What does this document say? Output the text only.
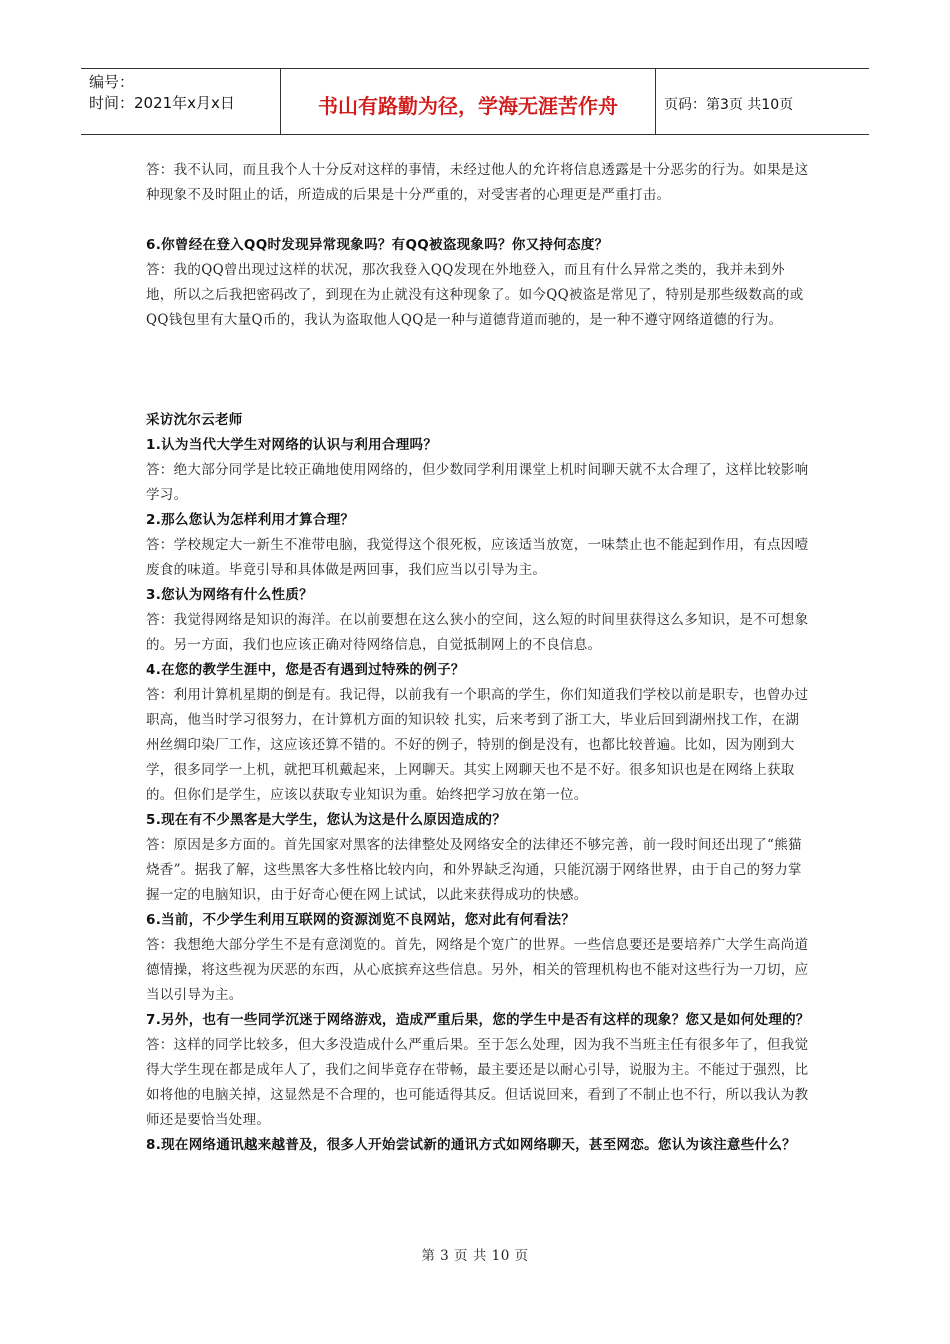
编号：
时间：2021年x月x日	书山有路勤为径，学海无涯苦作舟	页码：第3页 共10页
答：我不认同，而且我个人十分反对这样的事情，未经过他人的允许将信息透露是十分恶劣的行为。如果是这种现象不及时阻止的话，所造成的后果是十分严重的，对受害者的心理更是严重打击。
6.你曾经在登入QQ时发现异常现象吗？有QQ被盗现象吗？你又持何态度？
答：我的QQ曾出现过这样的状况，那次我登入QQ发现在外地登入，而且有什么异常之类的，我并未到外地，所以之后我把密码改了，到现在为止就没有这种现象了。如今QQ被盗是常见了，特别是那些级数高的或QQ钱包里有大量Q币的，我认为盗取他人QQ是一种与道德背道而驰的，是一种不遵守网络道德的行为。
采访沈尔云老师
1.认为当代大学生对网络的认识与利用合理吗？
答：绝大部分同学是比较正确地使用网络的，但少数同学利用课堂上机时间聊天就不太合理了，这样比较影响学习。
2.那么您认为怎样利用才算合理？
答：学校规定大一新生不准带电脑，我觉得这个很死板，应该适当放宽，一味禁止也不能起到作用，有点因噎废食的味道。毕竟引导和具体做是两回事，我们应当以引导为主。
3.您认为网络有什么性质？
答：我觉得网络是知识的海洋。在以前要想在这么狭小的空间，这么短的时间里获得这么多知识，是不可想象的。另一方面，我们也应该正确对待网络信息，自觉抵制网上的不良信息。
4.在您的教学生涯中，您是否有遇到过特殊的例子？
答：利用计算机星期的倒是有。我记得，以前我有一个职高的学生，你们知道我们学校以前是职专，也曾办过职高，他当时学习很努力，在计算机方面的知识较 扎实，后来考到了浙工大，毕业后回到湖州找工作，在湖州丝绸印染厂工作，这应该还算不错的。不好的例子，特别的倒是没有，也都比较普遍。比如，因为刚到大学，很多同学一上机，就把耳机戴起来，上网聊天。其实上网聊天也不是不好。很多知识也是在网络上获取的。但你们是学生，应该以获取专业知识为重。始终把学习放在第一位。
5.现在有不少黑客是大学生，您认为这是什么原因造成的？
答：原因是多方面的。首先国家对黑客的法律整处及网络安全的法律还不够完善，前一段时间还出现了“熊猫烧香”。据我了解，这些黑客大多性格比较内向，和外界缺乏沟通，只能沉溺于网络世界，由于自己的努力掌握一定的电脑知识，由于好奇心便在网上试试，以此来获得成功的快感。
6.当前，不少学生利用互联网的资源浏览不良网站，您对此有何看法？
答：我想绝大部分学生不是有意浏览的。首先，网络是个宽广的世界。一些信息要还是要培养广大学生高尚道德情操，将这些视为厌恶的东西，从心底摈弃这些信息。另外，相关的管理机构也不能对这些行为一刀切，应当以引导为主。
7.另外，也有一些同学沉迷于网络游戏，造成严重后果，您的学生中是否有这样的现象？您又是如何处理的？
答：这样的同学比较多，但大多没造成什么严重后果。至于怎么处理，因为我不当班主任有很多年了，但我觉得大学生现在都是成年人了，我们之间毕竟存在带畅，最主要还是以耐心引导，说服为主。不能过于强烈，比如将他的电脑关掉，这显然是不合理的，也可能适得其反。但话说回来，看到了不制止也不行，所以我认为教师还是要恰当处理。
8.现在网络通讯越来越普及，很多人开始尝试新的通讯方式如网络聊天，甚至网恋。您认为该注意些什么？
第 3 页 共 10 页
